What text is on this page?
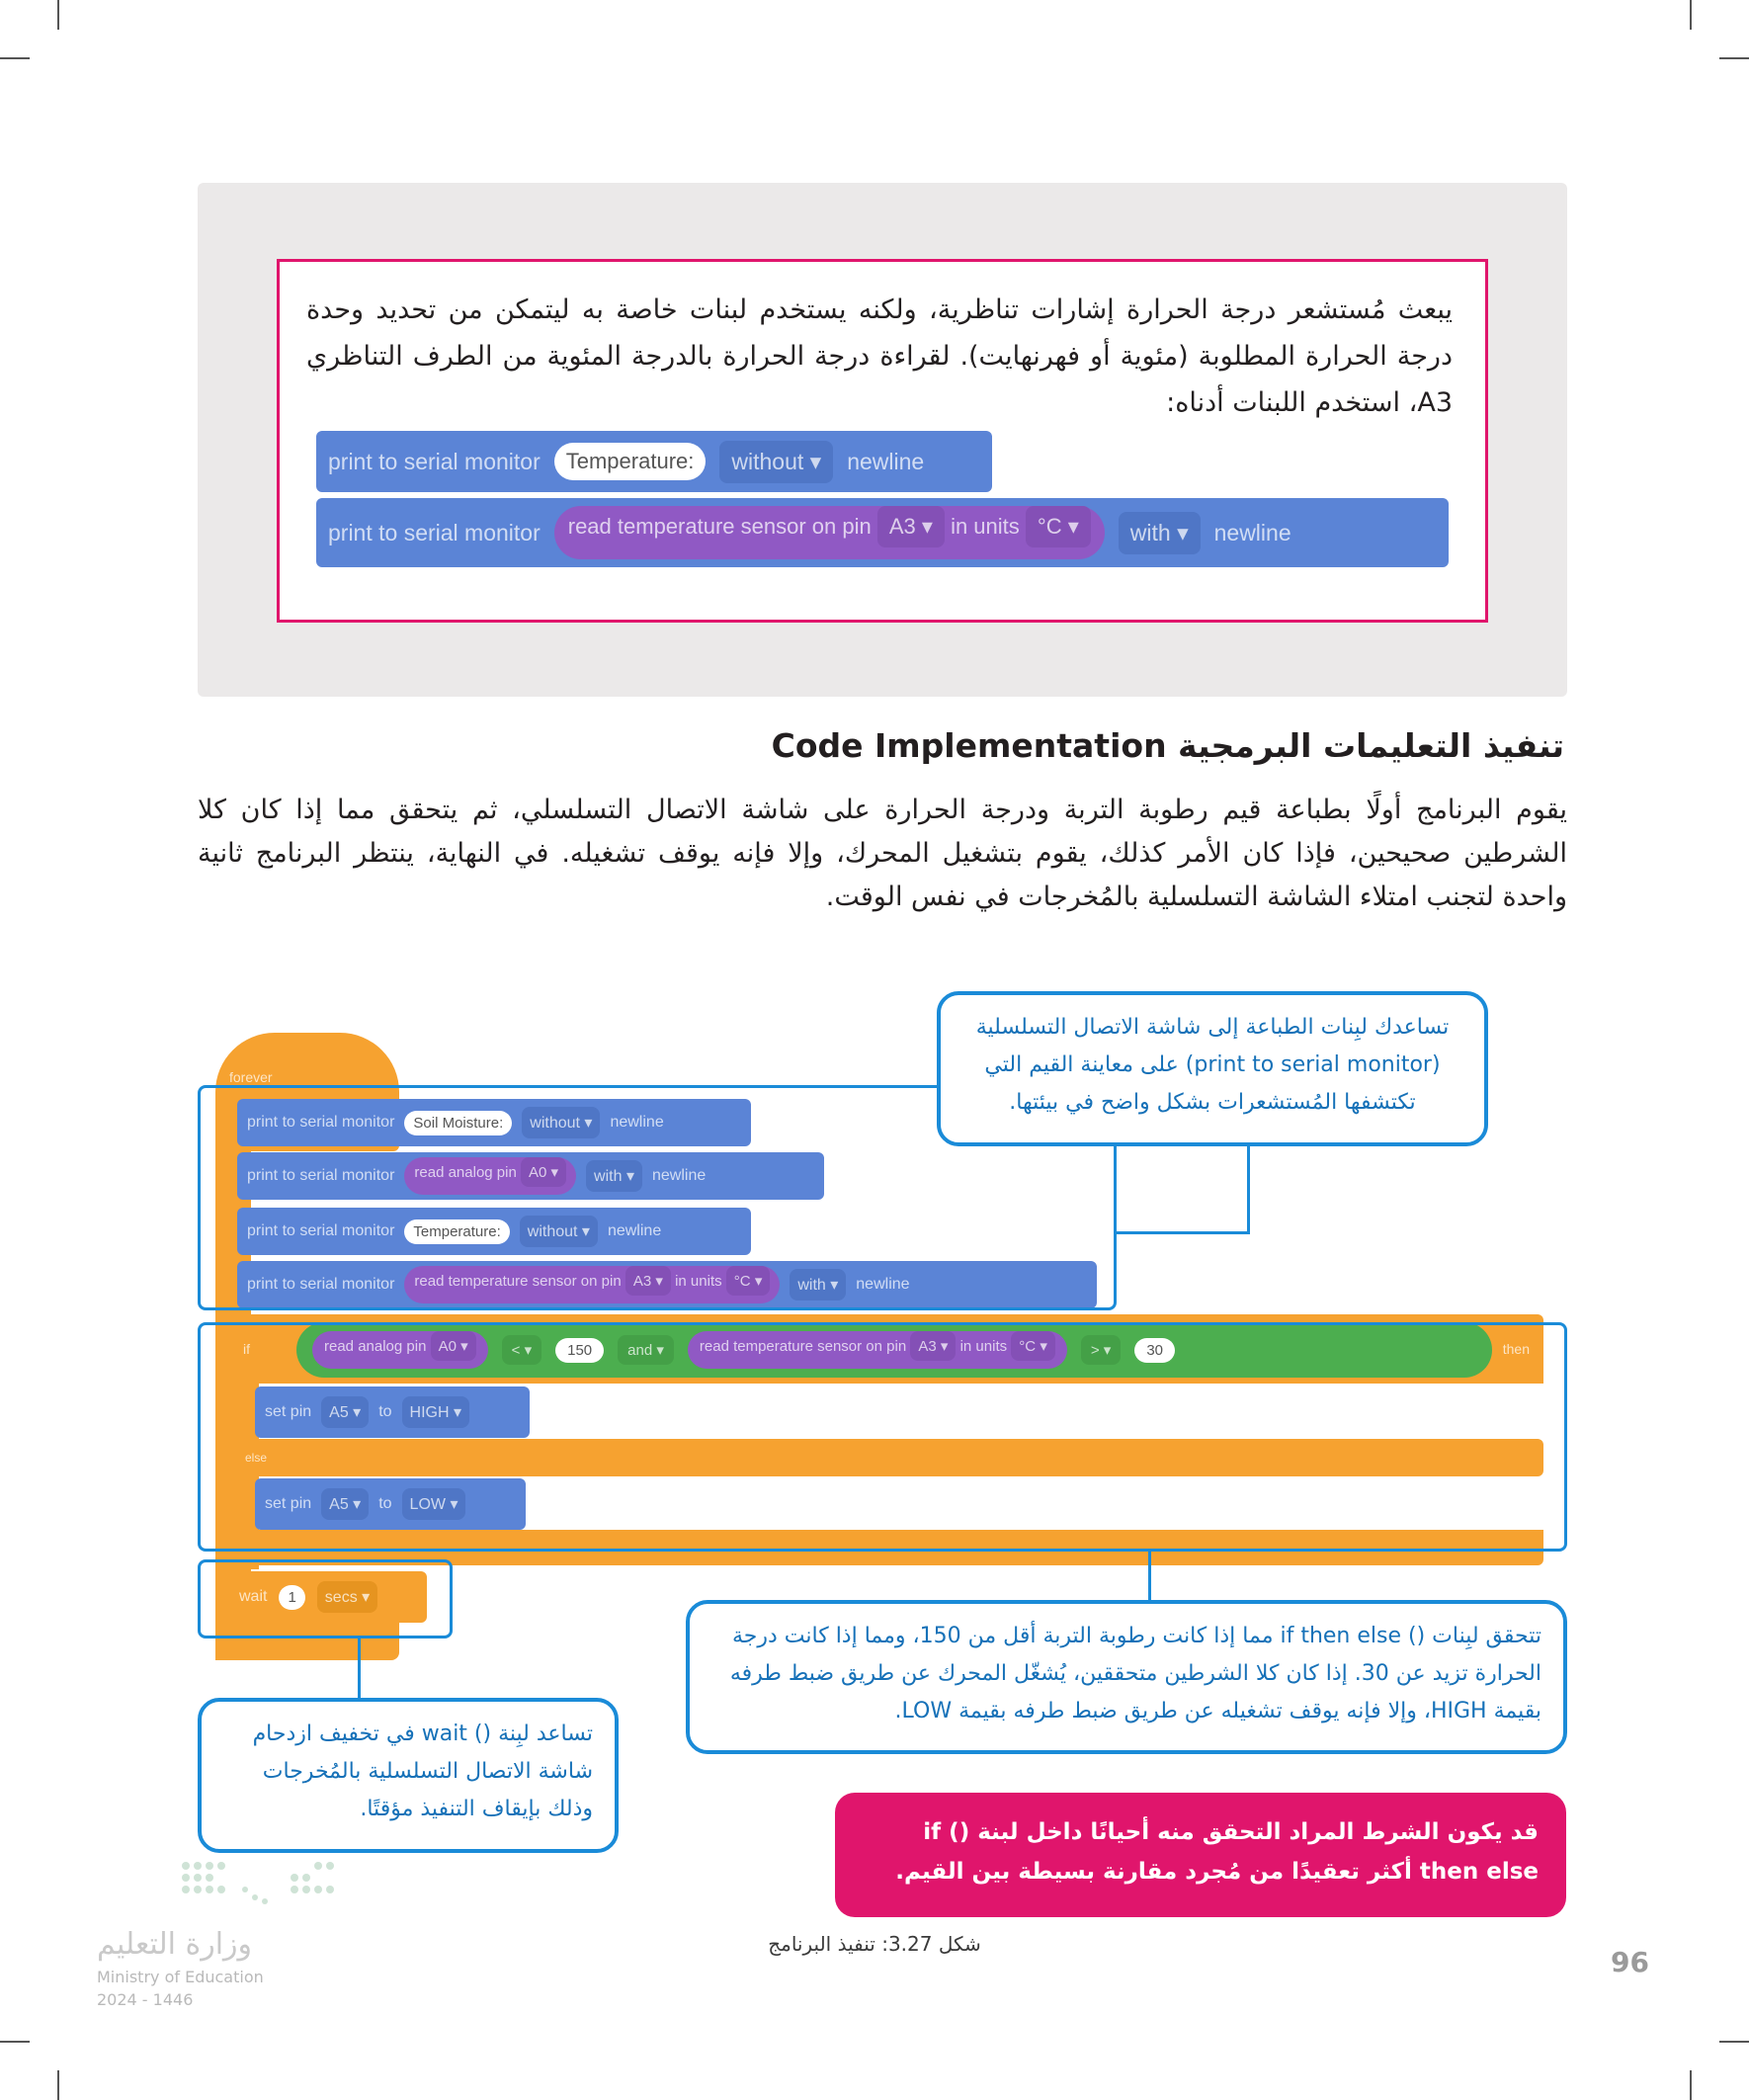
يبعث مُستشعر درجة الحرارة إشارات تناظرية، ولكنه يستخدم لبنات خاصة به ليتمكن من تحديد وحدة درجة الحرارة المطلوبة (مئوية أو فهرنهايت). لقراءة درجة الحرارة بالدرجة المئوية من الطرف التناظري A3، استخدم اللبنات أدناه:

print to serial monitor	Temperature:	without ▾	newline
print to serial monitor	read temperature sensor on pin A3 ▾ in units °C ▾	with ▾	newline
تنفيذ التعليمات البرمجية Code Implementation

يقوم البرنامج أولًا بطباعة قيم رطوبة التربة ودرجة الحرارة على شاشة الاتصال التسلسلي، ثم يتحقق مما إذا كان كلا الشرطين صحيحين، فإذا كان الأمر كذلك، يقوم بتشغيل المحرك، وإلا فإنه يوقف تشغيله. في النهاية، ينتظر البرنامج ثانية واحدة لتجنب امتلاء الشاشة التسلسلية بالمُخرجات في نفس الوقت.

forever
print to serial monitor	Soil Moisture:	without ▾	newline
print to serial monitor	read analog pin A0 ▾	with ▾	newline
print to serial monitor	Temperature:	without ▾	newline
print to serial monitor	read temperature sensor on pin A3 ▾ in units °C ▾	with ▾	newline
if	then
else
read analog pin A0 ▾	< ▾	150	and ▾	read temperature sensor on pin A3 ▾ in units °C ▾	> ▾	30
set pin	A5 ▾	to	HIGH ▾
set pin	A5 ▾	to	LOW ▾
wait	1	secs ▾
تساعدك لبِنات الطباعة إلى شاشة الاتصال التسلسلية (print to serial monitor) على معاينة القيم التي تكتشفها المُستشعرات بشكل واضح في بيئتها.
تتحقق لبِنات () if then else مما إذا كانت رطوبة التربة أقل من 150، ومما إذا كانت درجة الحرارة تزيد عن 30. إذا كان كلا الشرطين متحققين، يُشغّل المحرك عن طريق ضبط طرفه بقيمة HIGH، وإلا فإنه يوقف تشغيله عن طريق ضبط طرفه بقيمة LOW.
تساعد لبِنة () wait في تخفيف ازدحام شاشة الاتصال التسلسلية بالمُخرجات وذلك بإيقاف التنفيذ مؤقتًا.
قد يكون الشرط المراد التحقق منه أحيانًا داخل لبنة () if then else أكثر تعقيدًا من مُجرد مقارنة بسيطة بين القيم.
شكل 3.27: تنفيذ البرنامج
96
وزارة التعليم
Ministry of Education
2024 - 1446
